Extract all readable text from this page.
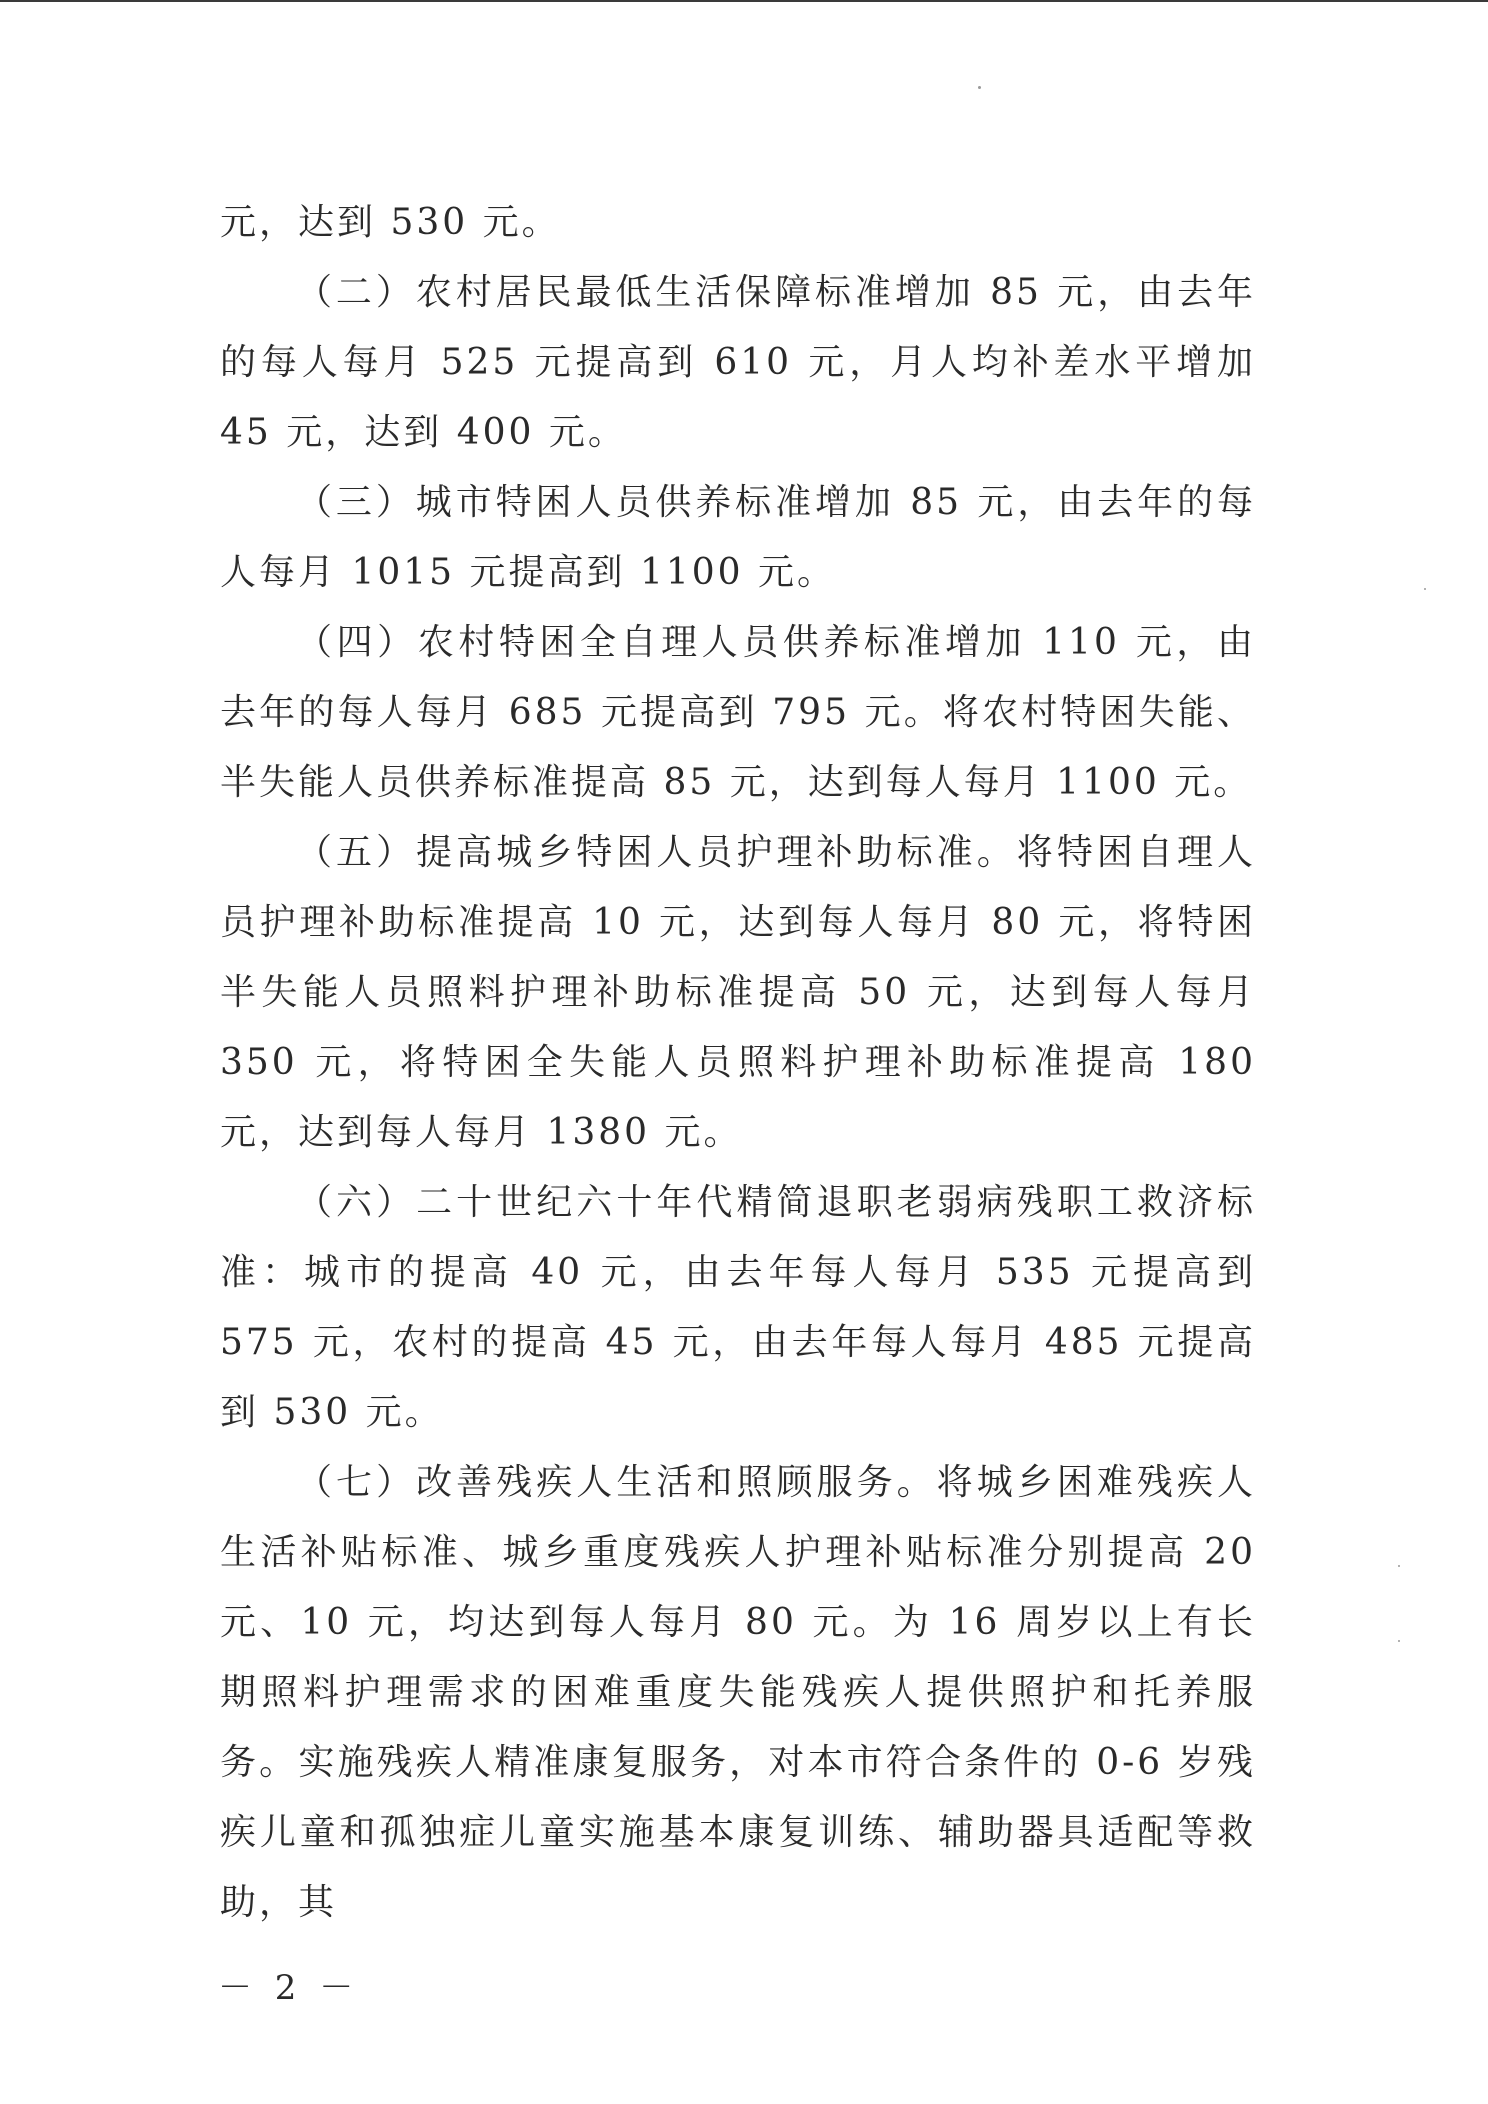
元，达到 530 元。

（二）农村居民最低生活保障标准增加 85 元，由去年的每人每月 525 元提高到 610 元，月人均补差水平增加 45 元，达到 400 元。

（三）城市特困人员供养标准增加 85 元，由去年的每人每月 1015 元提高到 1100 元。

（四）农村特困全自理人员供养标准增加 110 元，由去年的每人每月 685 元提高到 795 元。将农村特困失能、半失能人员供养标准提高 85 元，达到每人每月 1100 元。

（五）提高城乡特困人员护理补助标准。将特困自理人员护理补助标准提高 10 元，达到每人每月 80 元，将特困半失能人员照料护理补助标准提高 50 元，达到每人每月 350 元，将特困全失能人员照料护理补助标准提高 180 元，达到每人每月 1380 元。

（六）二十世纪六十年代精简退职老弱病残职工救济标准：城市的提高 40 元，由去年每人每月 535 元提高到 575 元，农村的提高 45 元，由去年每人每月 485 元提高到 530 元。

（七）改善残疾人生活和照顾服务。将城乡困难残疾人生活补贴标准、城乡重度残疾人护理补贴标准分别提高 20 元、10 元，均达到每人每月 80 元。为 16 周岁以上有长期照料护理需求的困难重度失能残疾人提供照护和托养服务。实施残疾人精准康复服务，对本市符合条件的 0-6 岁残疾儿童和孤独症儿童实施基本康复训练、辅助器具适配等救助，其

－ 2 －
